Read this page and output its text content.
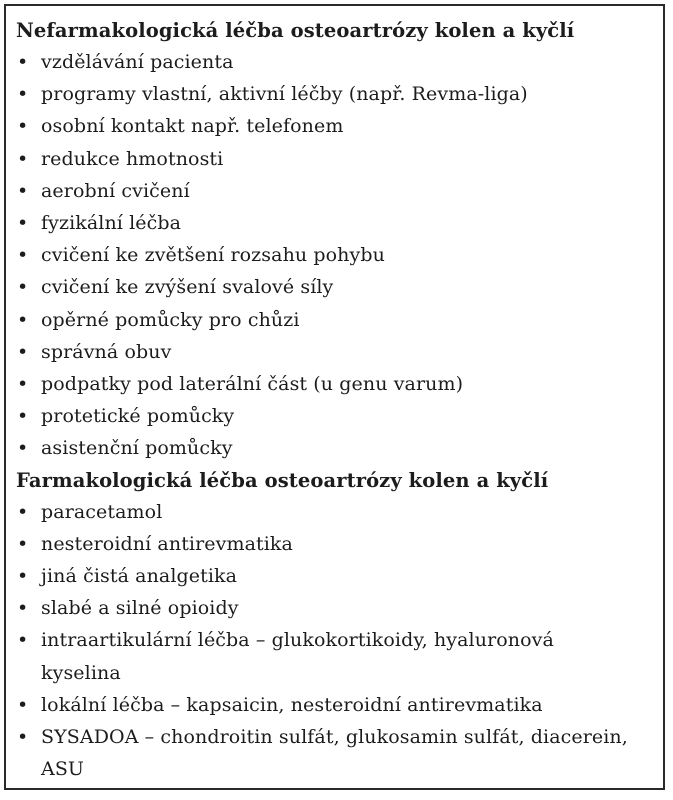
Nefarmakologická léčba osteoartrózy kolen a kyčlí
• vzdělávání pacienta
• programy vlastní, aktivní léčby (např. Revma-liga)
• osobní kontakt např. telefonem
• redukce hmotnosti
• aerobní cvičení
• fyzikální léčba
• cvičení ke zvětšení rozsahu pohybu
• cvičení ke zvýšení svalové síly
• opěrné pomůcky pro chůzi
• správná obuv
• podpatky pod laterální část (u genu varum)
• protetické pomůcky
• asistenční pomůcky
Farmakologická léčba osteoartrózy kolen a kyčlí
• paracetamol
• nesteroidní antirevmatika
• jiná čistá analgetika
• slabé a silné opioidy
• intraartikulární léčba – glukokortikoidy, hyaluronová kyselina
• lokální léčba – kapsaicin, nesteroidní antirevmatika
• SYSADOA – chondroitin sulfát, glukosamin sulfát, diacerein, ASU
